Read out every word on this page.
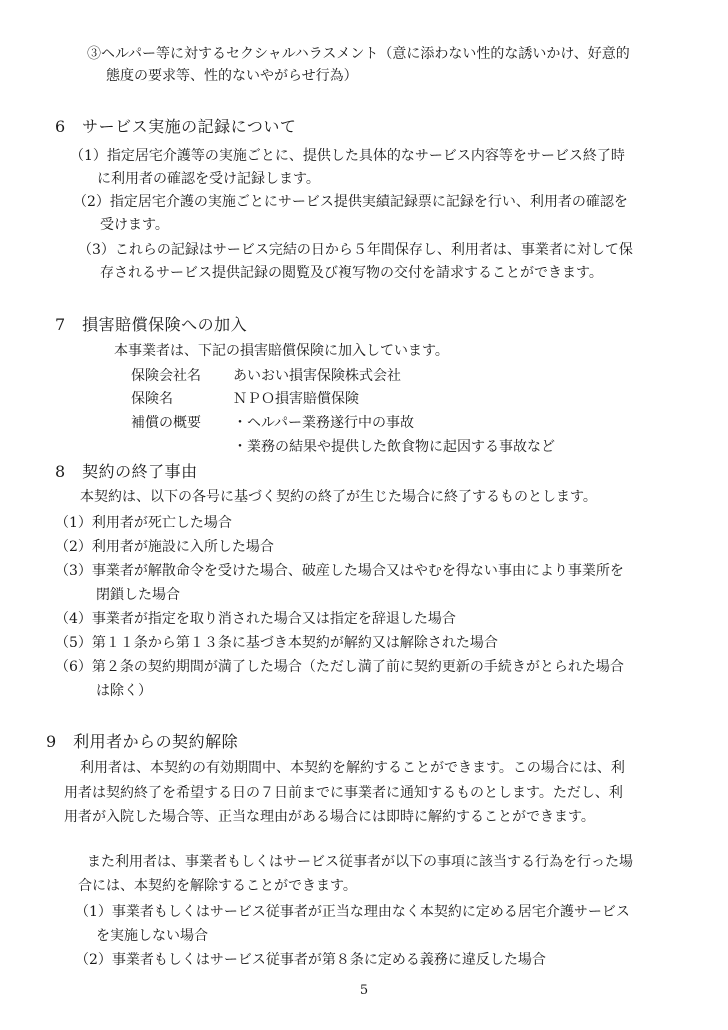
③ヘルパー等に対するセクシャルハラスメント（意に添わない性的な誘いかけ、好意的
態度の要求等、性的ないやがらせ行為）
6　サービス実施の記録について
（1）指定居宅介護等の実施ごとに、提供した具体的なサービス内容等をサービス終了時
に利用者の確認を受け記録します。
（2）指定居宅介護の実施ごとにサービス提供実績記録票に記録を行い、利用者の確認を
受けます。
（3）これらの記録はサービス完結の日から５年間保存し、利用者は、事業者に対して保
存されるサービス提供記録の閲覧及び複写物の交付を請求することができます。
7　損害賠償保険への加入
本事業者は、下記の損害賠償保険に加入しています。
保険会社名 あいおい損害保険株式会社
保険名	ＮＰＯ損害賠償保険
補償の概要 ・ヘルパー業務遂行中の事故
・業務の結果や提供した飲食物に起因する事故など
8　契約の終了事由
本契約は、以下の各号に基づく契約の終了が生じた場合に終了するものとします。
（1）利用者が死亡した場合
（2）利用者が施設に入所した場合
（3）事業者が解散命令を受けた場合、破産した場合又はやむを得ない事由により事業所を
閉鎖した場合
（4）事業者が指定を取り消された場合又は指定を辞退した場合
（5）第１１条から第１３条に基づき本契約が解約又は解除された場合
（6）第２条の契約期間が満了した場合（ただし満了前に契約更新の手続きがとられた場合
は除く）
9　利用者からの契約解除
利用者は、本契約の有効期間中、本契約を解約することができます。この場合には、利
用者は契約終了を希望する日の７日前までに事業者に通知するものとします。ただし、利
用者が入院した場合等、正当な理由がある場合には即時に解約することができます。
また利用者は、事業者もしくはサービス従事者が以下の事項に該当する行為を行った場
合には、本契約を解除することができます。
（1）事業者もしくはサービス従事者が正当な理由なく本契約に定める居宅介護サービス
を実施しない場合
（2）事業者もしくはサービス従事者が第８条に定める義務に違反した場合
5
